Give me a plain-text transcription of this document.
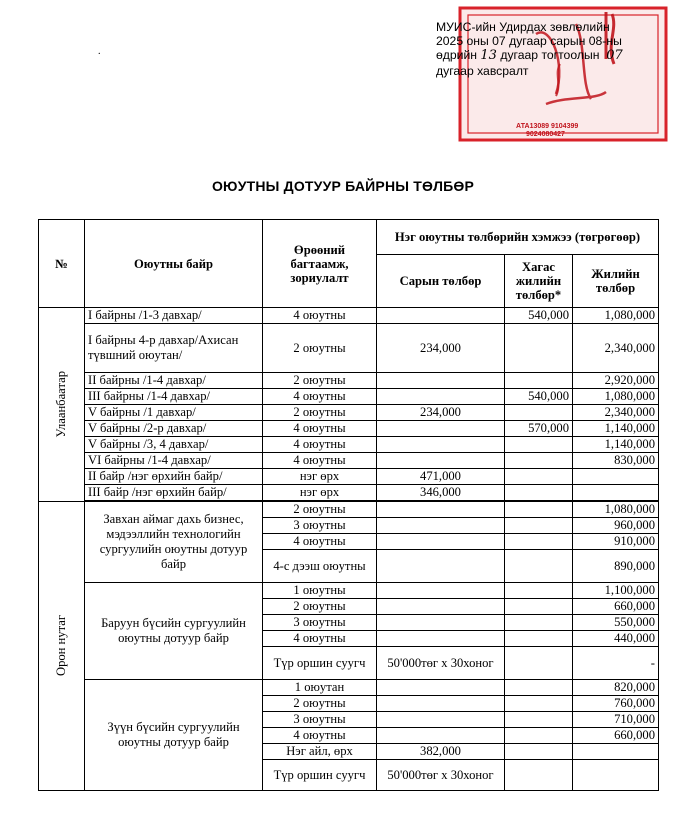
АТА13089 9104399
9024080427
.
МУИС-ийн Удирдах зөвлөлийн
2025 оны 07 дугаар сарын 08-ны
өдрийн 13 дугаар тогтоолын 07
дугаар хавсралт
ОЮУТНЫ ДОТУУР БАЙРНЫ ТӨЛБӨР
№	Оюутны байр	Өрөөний багтаамж, зориулалт	Нэг оюутны төлбөрийн хэмжээ (төгрөгөөр)		
			Сарын төлбөр	Хагас жилийн төлбөр*	Жилийн төлбөр

Улаанбаатар	I байрны /1-3 давхар/	4 оюутны		540,000	1,080,000
	I байрны 4-р давхар/Ахисан түвшний оюутан/	2 оюутны	234,000		2,340,000
	II байрны /1-4 давхар/	2 оюутны			2,920,000
	III байрны /1-4 давхар/	4 оюутны		540,000	1,080,000
	V байрны /1 давхар/	2 оюутны	234,000		2,340,000
	V байрны /2-р давхар/	4 оюутны		570,000	1,140,000
	V байрны /3, 4 давхар/	4 оюутны			1,140,000
	VI байрны /1-4 давхар/	4 оюутны			830,000
	II байр /нэг өрхийн байр/	нэг өрх	471,000		
	III байр /нэг өрхийн байр/	нэг өрх	346,000		

Орон нутаг	Завхан аймаг дахь бизнес, мэдээллийн технологийн сургуулийн оюутны дотуур байр	2 оюутны			1,080,000
		3 оюутны			960,000
		4 оюутны			910,000
		4-с дээш оюутны			890,000
	Баруун бүсийн сургуулийн оюутны дотуур байр	1 оюутны			1,100,000
		2 оюутны			660,000
		3 оюутны			550,000
		4 оюутны			440,000
		Түр оршин суугч	50'000төг х 30хоног		-
	Зүүн бүсийн сургуулийн оюутны дотуур байр	1 оюутан			820,000
		2 оюутны			760,000
		3 оюутны			710,000
		4 оюутны			660,000
		Нэг айл, өрх	382,000		
		Түр оршин суугч	50'000төг х 30хоног		
